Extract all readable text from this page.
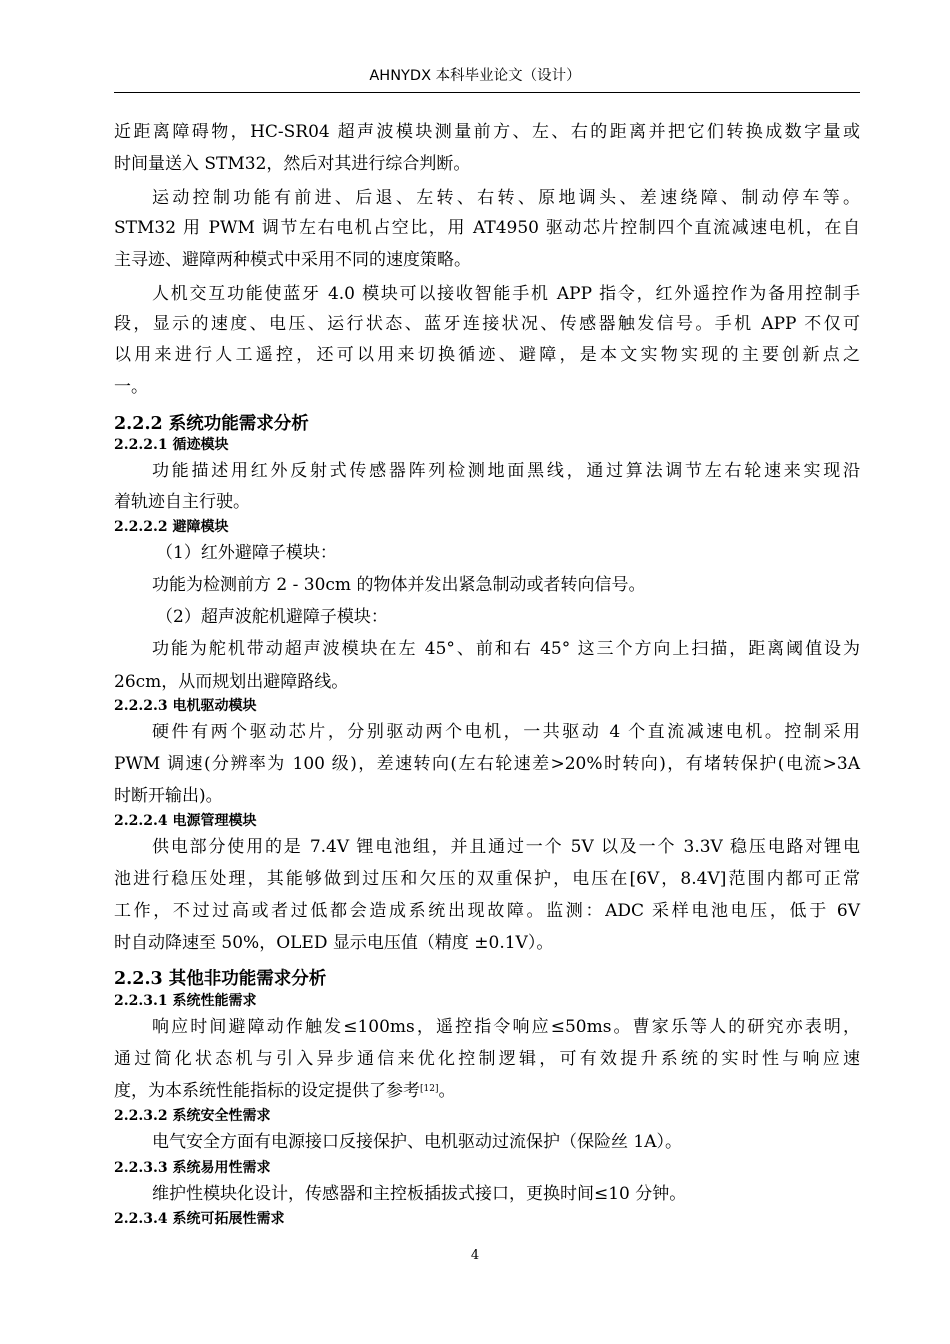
AHNYDX 本科毕业论文（设计）

近距离障碍物，HC-SR04 超声波模块测量前方、左、右的距离并把它们转换成数字量或

时间量送入 STM32，然后对其进行综合判断。

运动控制功能有前进、后退、左转、右转、原地调头、差速绕障、制动停车等。

STM32 用 PWM 调节左右电机占空比，用 AT4950 驱动芯片控制四个直流减速电机，在自

主寻迹、避障两种模式中采用不同的速度策略。

人机交互功能使蓝牙 4.0 模块可以接收智能手机 APP 指令，红外遥控作为备用控制手

段，显示的速度、电压、运行状态、蓝牙连接状况、传感器触发信号。手机 APP 不仅可

以用来进行人工遥控，还可以用来切换循迹、避障，是本文实物实现的主要创新点之

一。

2.2.2 系统功能需求分析
2.2.2.1 循迹模块

功能描述用红外反射式传感器阵列检测地面黑线，通过算法调节左右轮速来实现沿

着轨迹自主行驶。

2.2.2.2 避障模块

（1）红外避障子模块：

功能为检测前方 2 - 30cm 的物体并发出紧急制动或者转向信号。

（2）超声波舵机避障子模块：

功能为舵机带动超声波模块在左 45°、前和右 45° 这三个方向上扫描，距离阈值设为

26cm，从而规划出避障路线。

2.2.2.3 电机驱动模块

硬件有两个驱动芯片，分别驱动两个电机，一共驱动 4 个直流减速电机。控制采用

PWM 调速(分辨率为 100 级)，差速转向(左右轮速差>20%时转向)，有堵转保护(电流>3A

时断开输出)。

2.2.2.4 电源管理模块

供电部分使用的是 7.4V 锂电池组，并且通过一个 5V 以及一个 3.3V 稳压电路对锂电

池进行稳压处理，其能够做到过压和欠压的双重保护，电压在[6V，8.4V]范围内都可正常

工作，不过过高或者过低都会造成系统出现故障。监测：ADC 采样电池电压，低于 6V

时自动降速至 50%，OLED 显示电压值（精度 ±0.1V）。

2.2.3 其他非功能需求分析
2.2.3.1 系统性能需求

响应时间避障动作触发≤100ms，遥控指令响应≤50ms。曹家乐等人的研究亦表明，

通过简化状态机与引入异步通信来优化控制逻辑，可有效提升系统的实时性与响应速

度，为本系统性能指标的设定提供了参考[12]。

2.2.3.2 系统安全性需求

电气安全方面有电源接口反接保护、电机驱动过流保护（保险丝 1A）。

2.2.3.3 系统易用性需求

维护性模块化设计，传感器和主控板插拔式接口，更换时间≤10 分钟。

2.2.3.4 系统可拓展性需求
4
